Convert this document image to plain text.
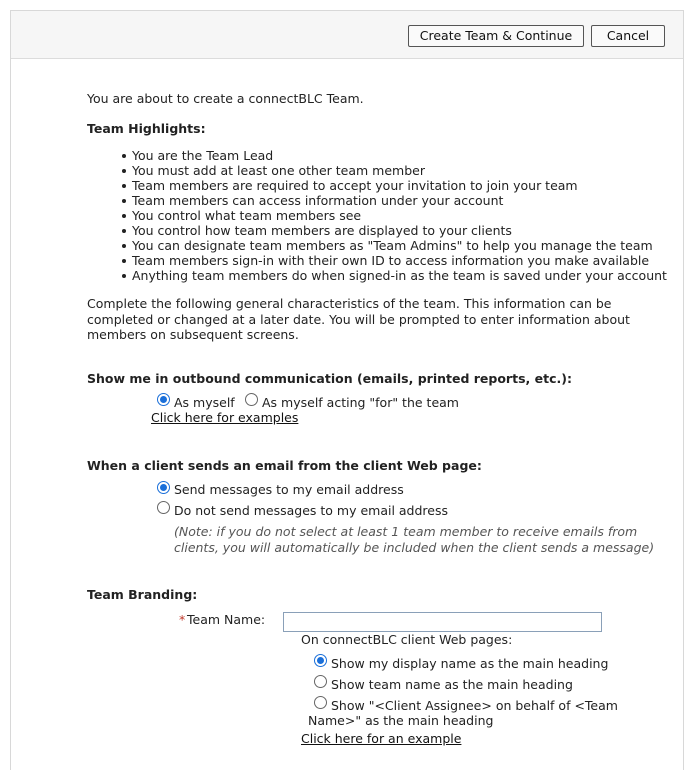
Create Team & Continue	Cancel
You are about to create a connectBLC Team.
Team Highlights:
You are the Team Lead
You must add at least one other team member
Team members are required to accept your invitation to join your team
Team members can access information under your account
You control what team members see
You control how team members are displayed to your clients
You can designate team members as "Team Admins" to help you manage the team
Team members sign-in with their own ID to access information you make available
Anything team members do when signed-in as the team is saved under your account
Complete the following general characteristics of the team. This information can be completed or changed at a later date. You will be prompted to enter information about members on subsequent screens.
Show me in outbound communication (emails, printed reports, etc.):
As myself As myself acting "for" the team
Click here for examples
When a client sends an email from the client Web page:
Send messages to my email address
Do not send messages to my email address
(Note: if you do not select at least 1 team member to receive emails from clients, you will automatically be included when the client sends a message)
Team Branding:
* Team Name:
On connectBLC client Web pages:
Show my display name as the main heading
Show team name as the main heading
Show "<Client Assignee> on behalf of <Team
Name>" as the main heading
Click here for an example
